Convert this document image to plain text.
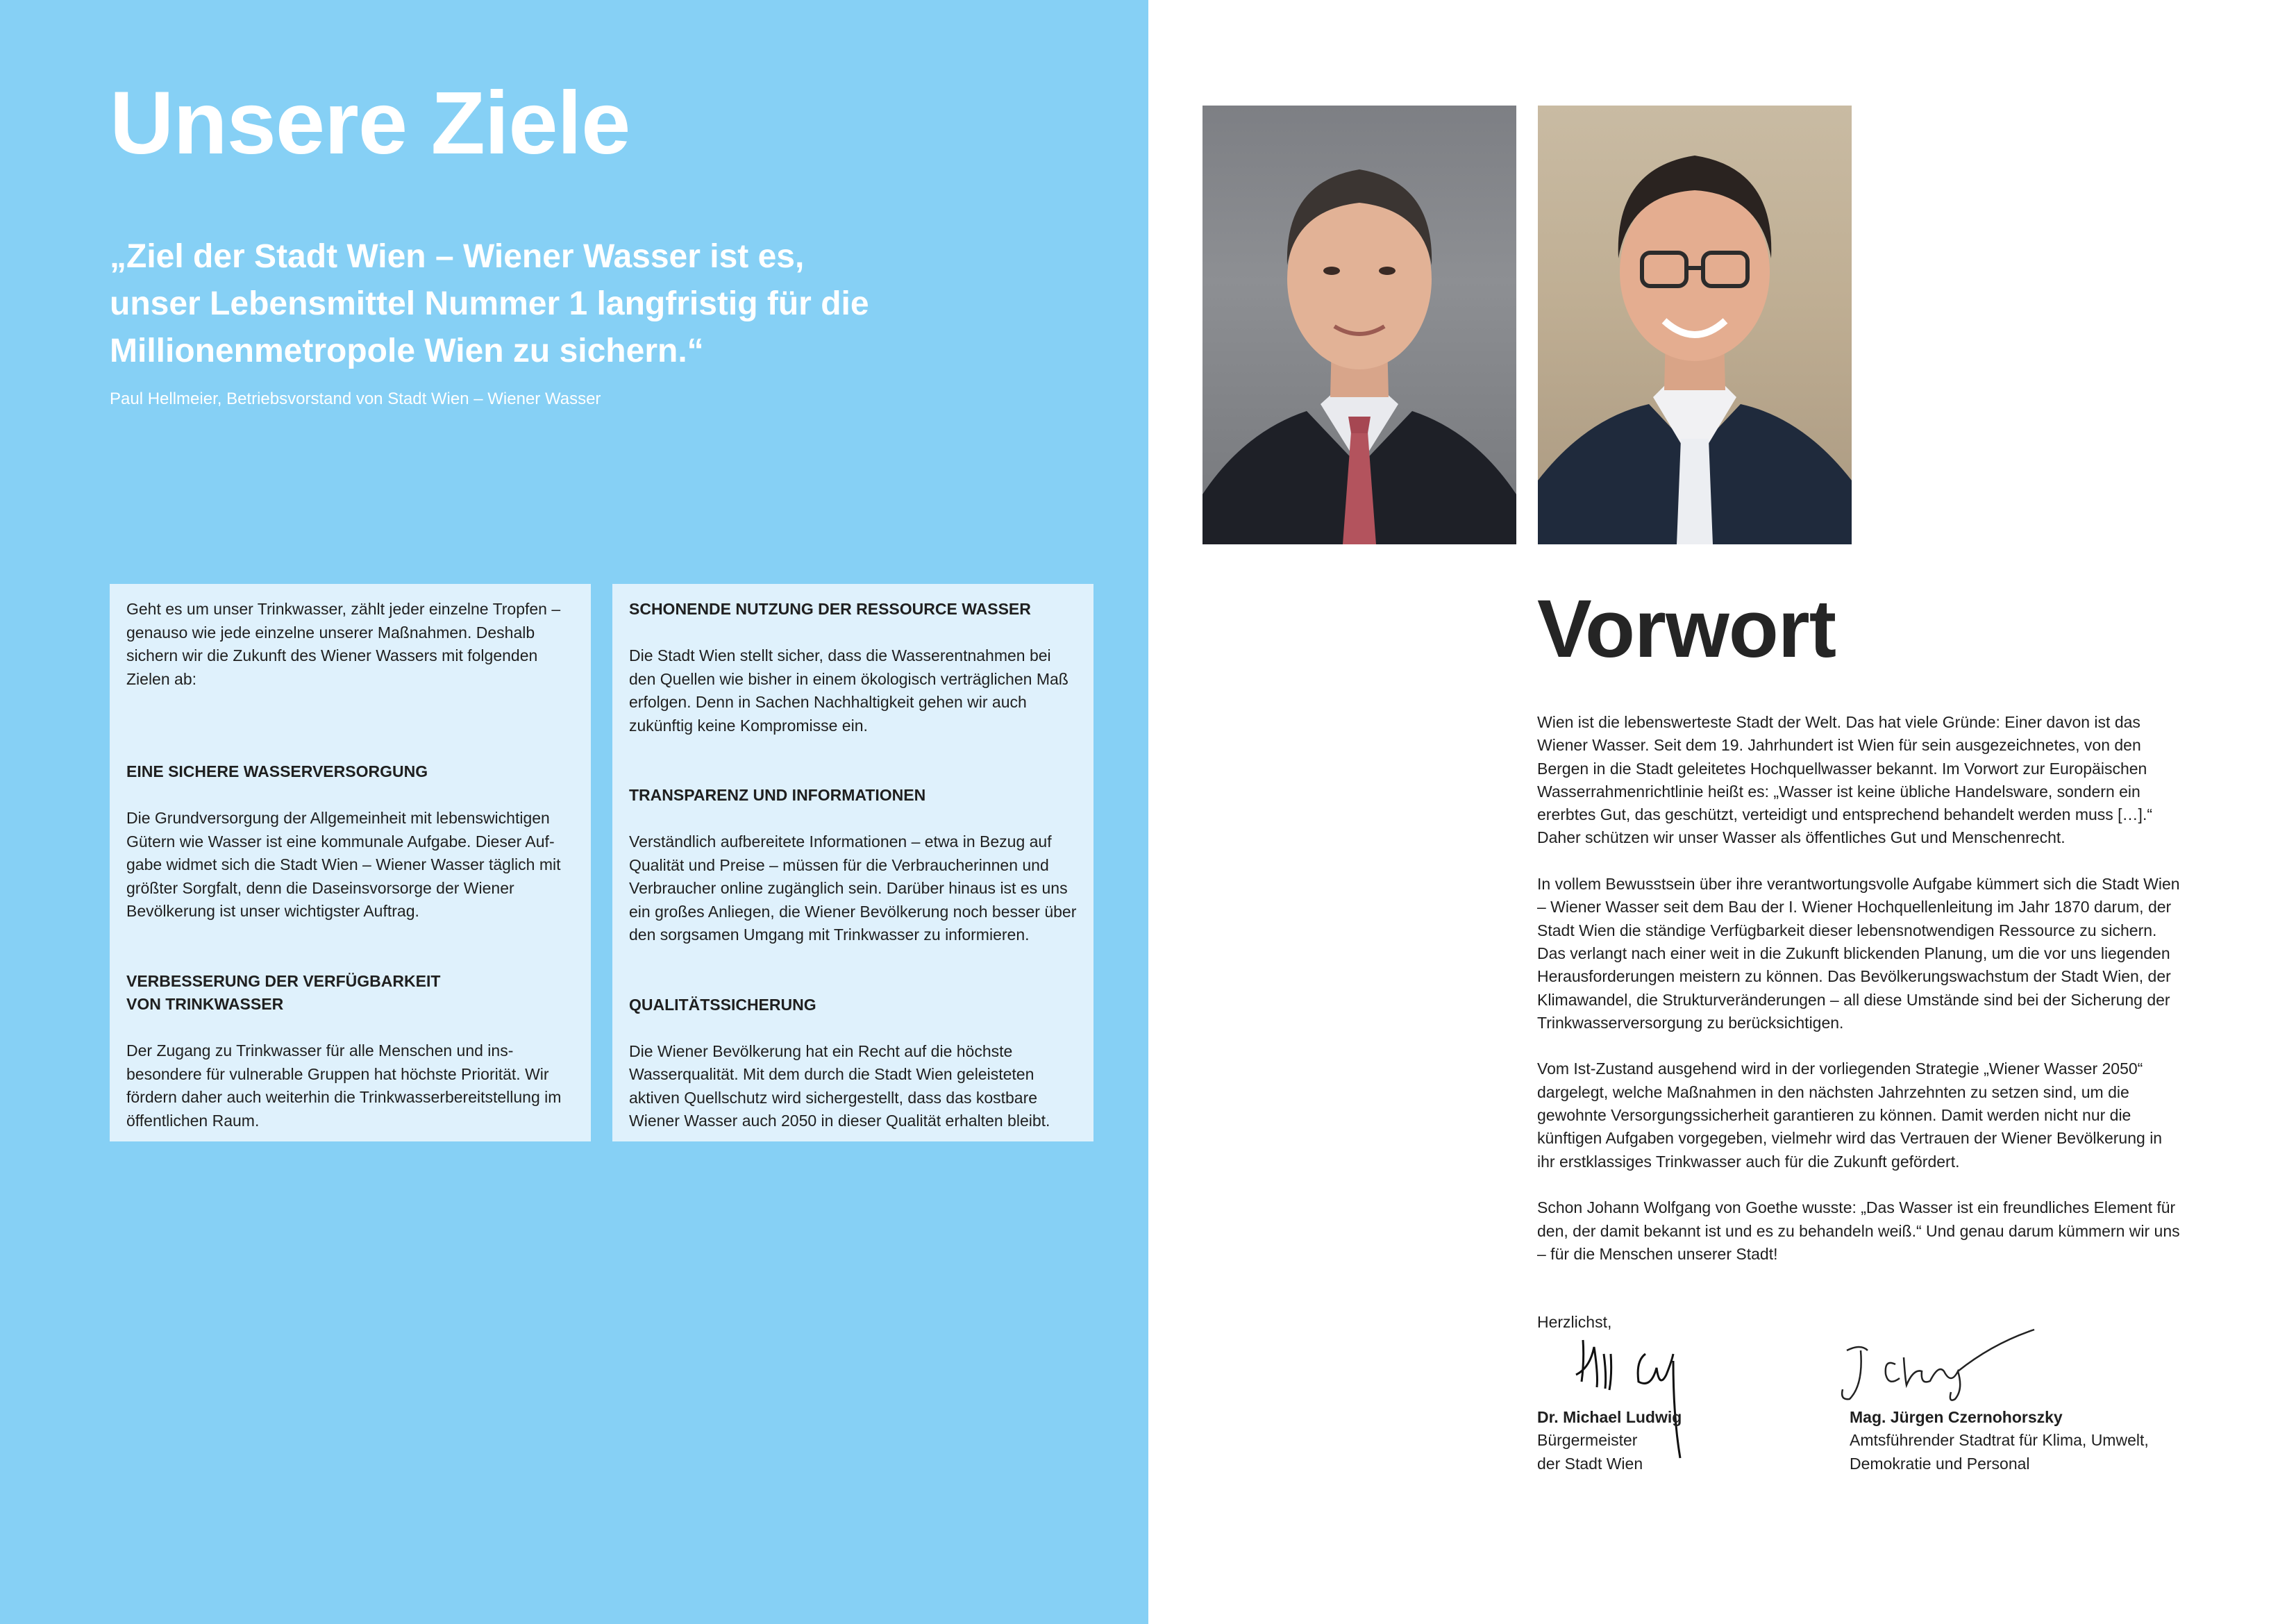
Unsere Ziele
„Ziel der Stadt Wien – Wiener Wasser ist es, unser Lebensmittel Nummer 1 langfristig für die Millionenmetropole Wien zu sichern.“
Paul Hellmeier, Betriebsvorstand von Stadt Wien – Wiener Wasser

Geht es um unser Trinkwasser, zählt jeder einzelne Tropfen – genauso wie jede einzelne unserer Maßnahmen. Deshalb sichern wir die Zukunft des Wiener Wassers mit folgenden Zielen ab:

EINE SICHERE WASSERVERSORGUNG

Die Grundversorgung der Allgemeinheit mit lebenswichtigen Gütern wie Wasser ist eine kommunale Aufgabe. Dieser Aufgabe widmet sich die Stadt Wien – Wiener Wasser täglich mit größter Sorgfalt, denn die Daseinsvorsorge der Wiener Bevölkerung ist unser wichtigster Auftrag.

VERBESSERUNG DER VERFÜGBARKEIT VON TRINKWASSER

Der Zugang zu Trinkwasser für alle Menschen und insbesondere für vulnerable Gruppen hat höchste Priorität. Wir fördern daher auch weiterhin die Trinkwasserbereitstellung im öffentlichen Raum.

SCHONENDE NUTZUNG DER RESSOURCE WASSER

Die Stadt Wien stellt sicher, dass die Wasserentnahmen bei den Quellen wie bisher in einem ökologisch verträglichen Maß erfolgen. Denn in Sachen Nachhaltigkeit gehen wir auch zukünftig keine Kompromisse ein.

TRANSPARENZ UND INFORMATIONEN

Verständlich aufbereitete Informationen – etwa in Bezug auf Qualität und Preise – müssen für die Verbraucherinnen und Verbraucher online zugänglich sein. Darüber hinaus ist es uns ein großes Anliegen, die Wiener Bevölkerung noch besser über den sorgsamen Umgang mit Trinkwasser zu informieren.

QUALITÄTSSICHERUNG

Die Wiener Bevölkerung hat ein Recht auf die höchste Wasserqualität. Mit dem durch die Stadt Wien geleisteten aktiven Quellschutz wird sichergestellt, dass das kostbare Wiener Wasser auch 2050 in dieser Qualität erhalten bleibt.

Vorwort

Wien ist die lebenswerteste Stadt der Welt. Das hat viele Gründe: Einer davon ist das Wiener Wasser. Seit dem 19. Jahrhundert ist Wien für sein ausgezeichnetes, von den Bergen in die Stadt geleitetes Hochquellwasser bekannt. Im Vorwort zur Europäischen Wasserrahmenrichtlinie heißt es: „Wasser ist keine übliche Handelsware, sondern ein ererbtes Gut, das geschützt, verteidigt und entsprechend behandelt werden muss […].“ Daher schützen wir unser Wasser als öffentliches Gut und Menschenrecht.

In vollem Bewusstsein über ihre verantwortungsvolle Aufgabe kümmert sich die Stadt Wien – Wiener Wasser seit dem Bau der I. Wiener Hochquellenleitung im Jahr 1870 darum, der Stadt Wien die ständige Verfügbarkeit dieser lebensnotwendigen Ressource zu sichern. Das verlangt nach einer weit in die Zukunft blickenden Planung, um die vor uns liegenden Herausforderungen meistern zu können. Das Bevölkerungswachstum der Stadt Wien, der Klimawandel, die Strukturveränderungen – all diese Umstände sind bei der Sicherung der Trinkwasserversorgung zu berücksichtigen.

Vom Ist-Zustand ausgehend wird in der vorliegenden Strategie „Wiener Wasser 2050“ dargelegt, welche Maßnahmen in den nächsten Jahrzehnten zu setzen sind, um die gewohnte Versorgungssicherheit garantieren zu können. Damit werden nicht nur die künftigen Aufgaben vorgegeben, vielmehr wird das Vertrauen der Wiener Bevölkerung in ihr erstklassiges Trinkwasser auch für die Zukunft gefördert.

Schon Johann Wolfgang von Goethe wusste: „Das Wasser ist ein freundliches Element für den, der damit bekannt ist und es zu behandeln weiß.“ Und genau darum kümmern wir uns – für die Menschen unserer Stadt!

Herzlichst,
Dr. Michael Ludwig
Bürgermeister
der Stadt Wien
Mag. Jürgen Czernohorszky
Amtsführender Stadtrat für Klima, Umwelt,
Demokratie und Personal
